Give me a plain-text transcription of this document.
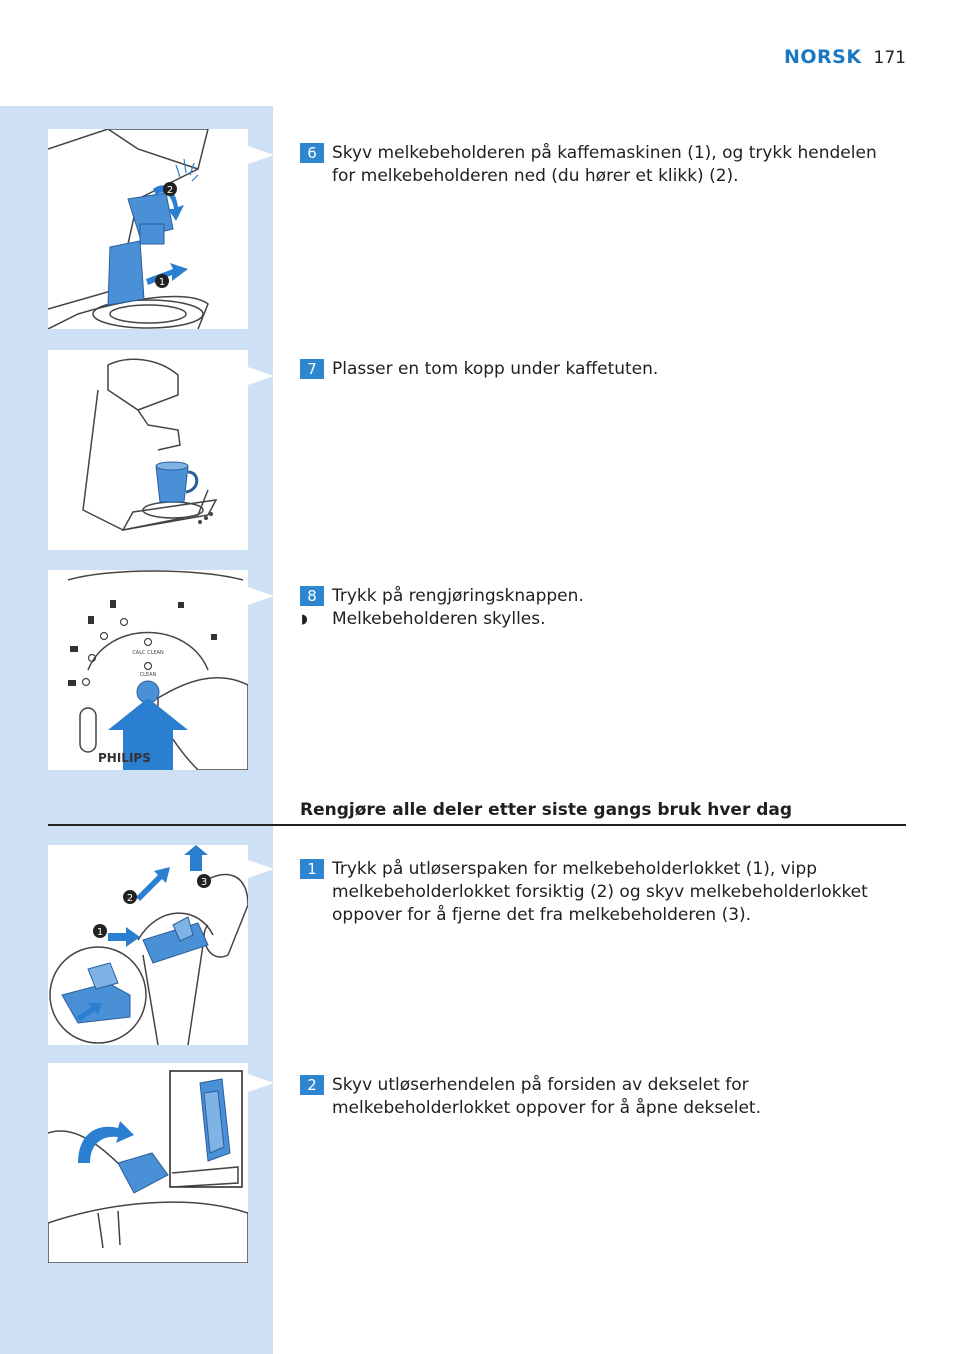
NORSK 171
2
1
CALC CLEAN
CLEAN
PHILIPS
6 Skyv melkebeholderen på kaffemaskinen (1), og trykk hendelen for melkebeholderen ned (du hører et klikk) (2).
7 Plasser en tom kopp under kaffetuten.
8 Trykk på rengjøringsknappen.
◗ Melkebeholderen skylles.
Rengjøre alle deler etter siste gangs bruk hver dag
1
2
3
1 Trykk på utløserspaken for melkebeholderlokket (1), vipp melkebeholderlokket forsiktig (2) og skyv melkebeholderlokket oppover for å fjerne det fra melkebeholderen (3).
2 Skyv utløserhendelen på forsiden av dekselet for melkebeholderlokket oppover for å åpne dekselet.
